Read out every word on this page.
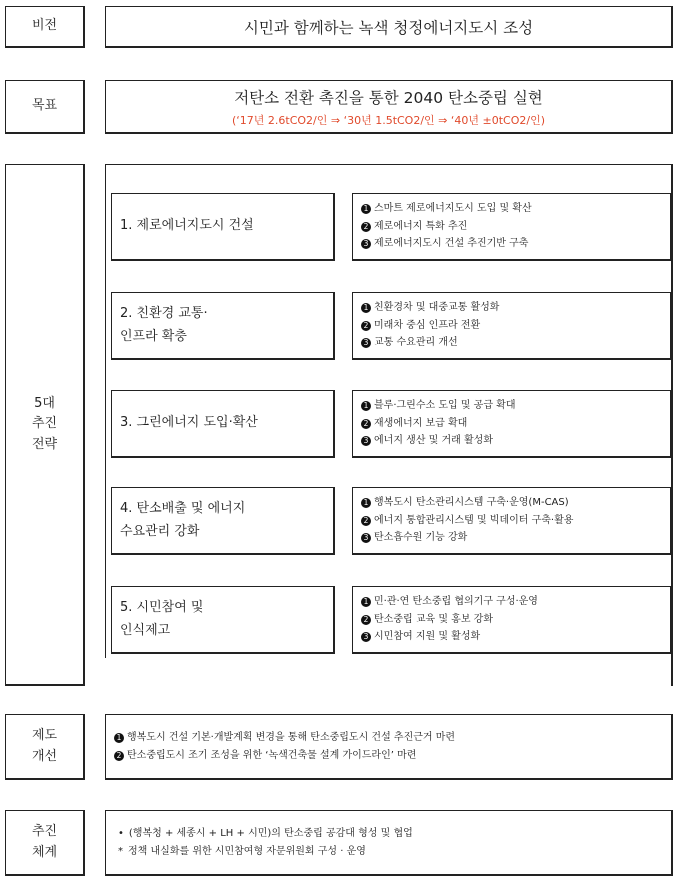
비전	시민과 함께하는 녹색 청정에너지도시 조성
목표	저탄소 전환 촉진을 통한 2040 탄소중립 실현
(‘17년 2.6tCO2/인 ⇒ ‘30년 1.5tCO2/인 ⇒ ‘40년 ±0tCO2/인)
5대
추진
전략
1. 제로에너지도시 건설
1 스마트 제로에너지도시 도입 및 확산
2 제로에너지 특화 추진
3 제로에너지도시 건설 추진기반 구축
2. 친환경 교통·
인프라 확충
1 친환경차 및 대중교통 활성화
2 미래차 중심 인프라 전환
3 교통 수요관리 개선
3. 그린에너지 도입·확산
1 블루·그린수소 도입 및 공급 확대
2 재생에너지 보급 확대
3 에너지 생산 및 거래 활성화
4. 탄소배출 및 에너지
수요관리 강화
1 행복도시 탄소관리시스템 구축·운영(M-CAS)
2 에너지 통합관리시스템 및 빅데이터 구축·활용
3 탄소흡수원 기능 강화
5. 시민참여 및
인식제고
1 민·관·연 탄소중립 협의기구 구성·운영
2 탄소중립 교육 및 홍보 강화
3 시민참여 지원 및 활성화
제도
개선
1 행복도시 건설 기본·개발계획 변경을 통해 탄소중립도시 건설 추진근거 마련
2 탄소중립도시 조기 조성을 위한 ‘녹색건축물 설계 가이드라인’ 마련
추진
체계
• (행복청 + 세종시 + LH + 시민)의 탄소중립 공감대 형성 및 협업
* 정책 내실화를 위한 시민참여형 자문위원회 구성 · 운영
